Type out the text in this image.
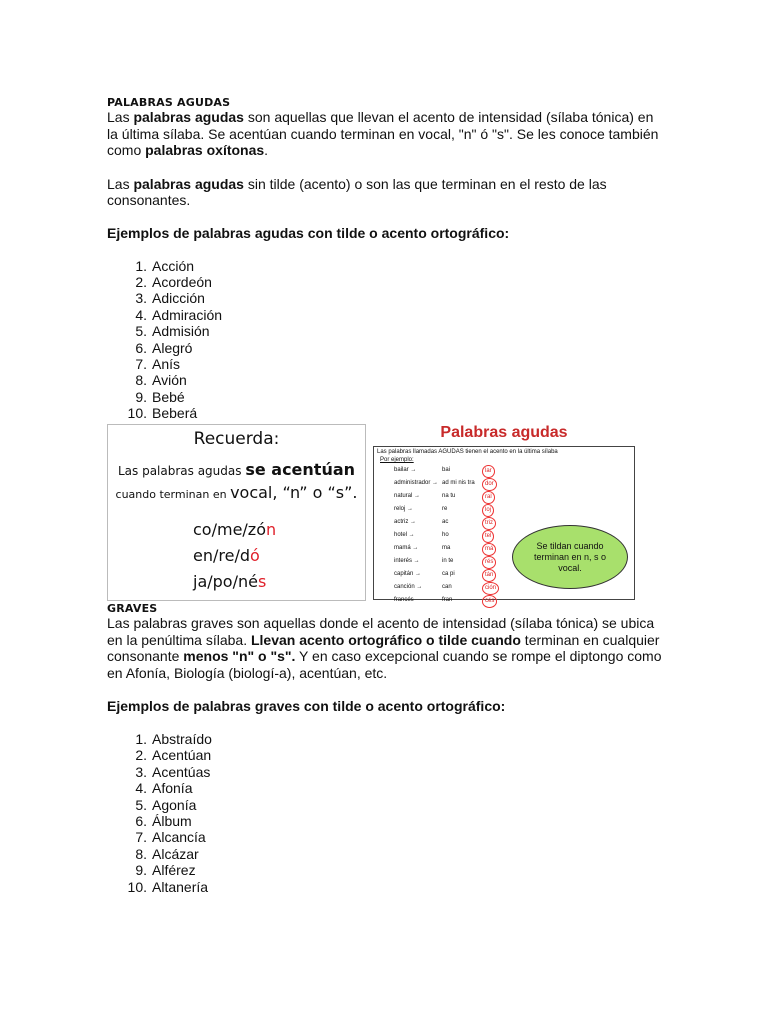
PALABRAS AGUDAS

Las palabras agudas son aquellas que llevan el acento de intensidad (sílaba tónica) en la última sílaba. Se acentúan cuando terminan en vocal, "n" ó "s". Se les conoce también como palabras oxítonas.

Las palabras agudas sin tilde (acento) o son las que terminan en el resto de las consonantes.

Ejemplos de palabras agudas con tilde o acento ortográfico:

1. Acción
2. Acordeón
3. Adicción
4. Admiración
5. Admisión
6. Alegró
7. Anís
8. Avión
9. Bebé
10. Beberá
Recuerda:
Las palabras agudas se acentúan
cuando terminan en vocal, “n” o “s”.
co/me/zón
en/re/dó
ja/po/nés
Palabras agudas
Las palabras llamadas AGUDAS tienen el acento en la última sílaba
Por ejemplo:
bailar →	bai	lar
administrador → ad mi nis tra	dor
natural →	na tu	ral
reloj →	re	loj
actriz →	ac	triz
hotel →	ho	tel
mamá →	ma	má
interés →	in te	rés
capitán →	ca pi	tán
canción →	can	ción
francés	fran	cés
Se tildan cuando terminan en n, s o vocal.

GRAVES

Las palabras graves son aquellas donde el acento de intensidad (sílaba tónica) se ubica en la penúltima sílaba. Llevan acento ortográfico o tilde cuando terminan en cualquier consonante menos "n" o "s". Y en caso excepcional cuando se rompe el diptongo como en Afonía, Biología (biologí-a), acentúan, etc.

Ejemplos de palabras graves con tilde o acento ortográfico:

1. Abstraído
2. Acentúan
3. Acentúas
4. Afonía
5. Agonía
6. Álbum
7. Alcancía
8. Alcázar
9. Alférez
10. Altanería
